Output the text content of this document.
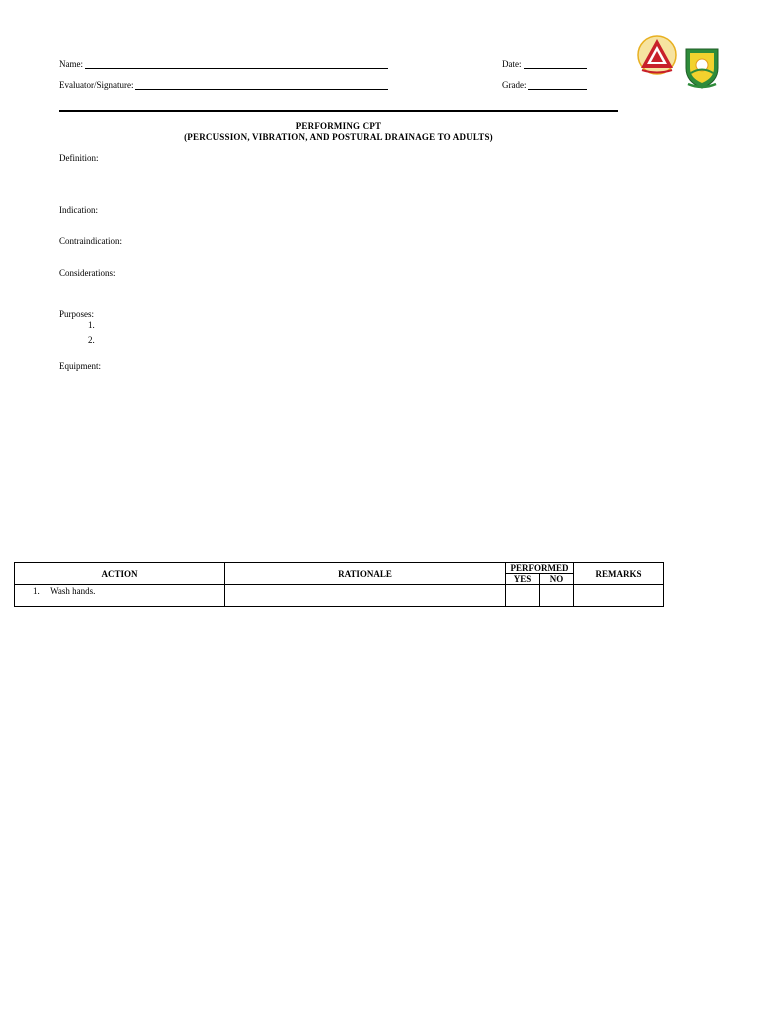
Name:	Date:
Evaluator/Signature:	Grade:
PERFORMING CPT
(PERCUSSION, VIBRATION, AND POSTURAL DRAINAGE TO ADULTS)
Definition:
Indication:
Contraindication:
Considerations:
Purposes:
1.
2.
Equipment:
ACTION	RATIONALE	PERFORMED		REMARKS
		YES	NO	
1. Wash hands.				
